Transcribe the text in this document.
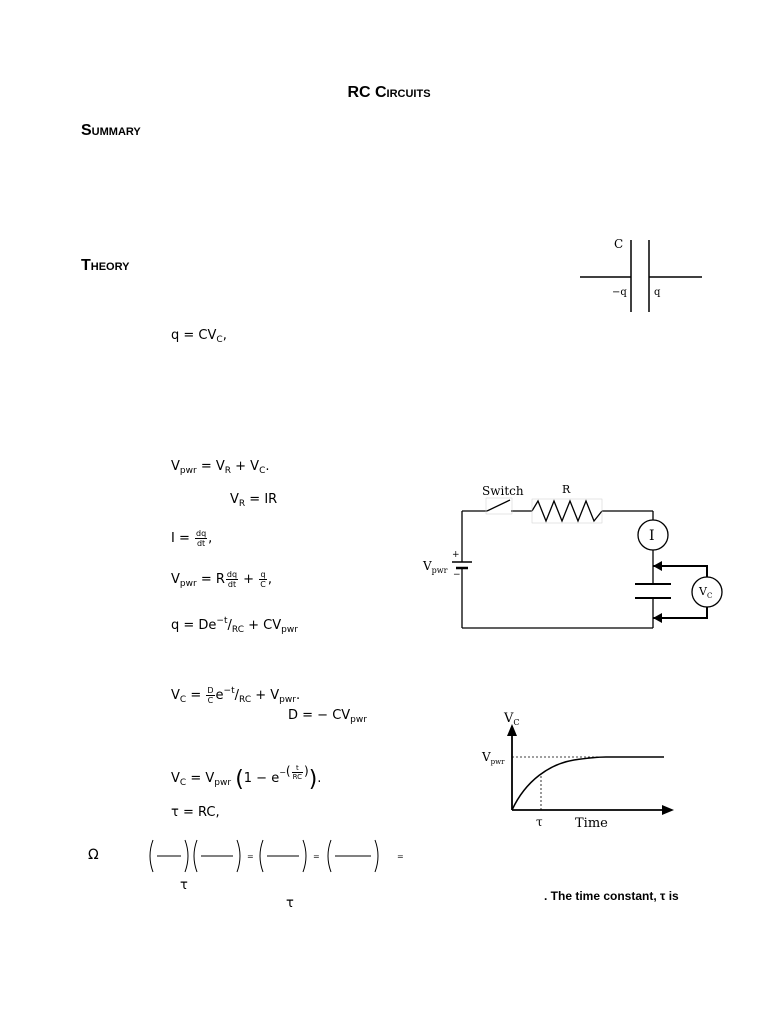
RC Circuits
Summary
Theory
C
−q	q
$q = CV_C$,
$V_{pwr} = V_R + V_C$.
$V_R$ = IR
$I = \frac{dq}{dt}$ ,
$V_{pwr} = R \frac{dq}{dt} + \frac{q}{C}$ ,
$q = De^{-t}/_{RC} + CV_{pwr}$
$V_C = \frac{D}{C} e^{-t}/_{RC} + V_{pwr}$.
D = − $CV_{pwr}$
$V_C = V_{pwr}$ $(1 - e^{-( \frac{t}{RC} )})$.
τ = RC,
Ω	=	=	=
τ
τ
Switch	R
I
+
−
$V_{pwr}$
$V_C$
$V_C$
$V_{pwr}$
τ Time
. The time constant, τ is
